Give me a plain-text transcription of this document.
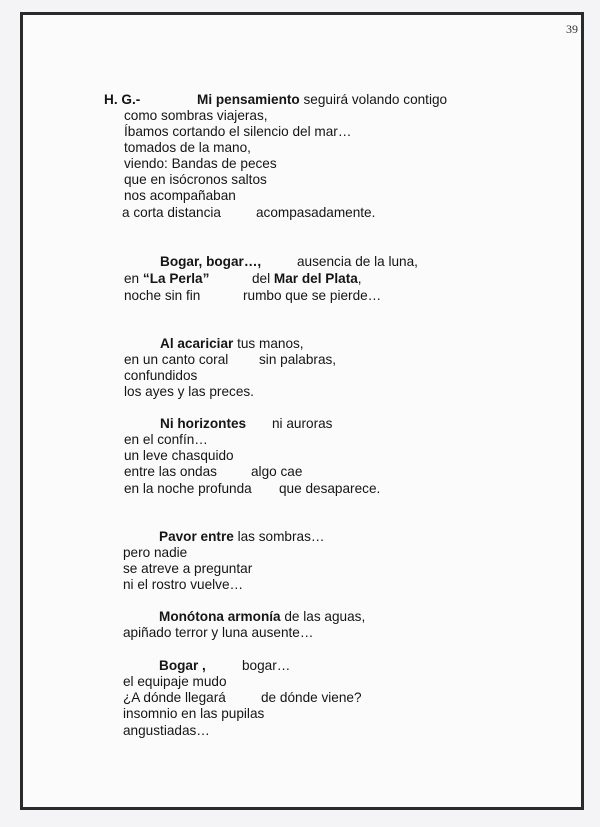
39
H. G.-	Mi pensamiento seguirá volando contigo
como sombras viajeras,
Íbamos cortando el silencio del mar…
tomados de la mano,
viendo: Bandas de peces
que en isócronos saltos
nos acompañaban
a corta distancia	acompasadamente.
Bogar, bogar…,	ausencia de la luna,
en “La Perla”	del Mar del Plata,
noche sin fin	rumbo que se pierde…
Al acariciar tus manos,
en un canto coral sin palabras,
confundidos
los ayes y las preces.
Ni horizontes ni auroras
en el confín…
un leve chasquido
entre las ondas	algo cae
en la noche profunda que desaparece.
Pavor entre las sombras…
pero nadie
se atreve a preguntar
ni el rostro vuelve…
Monótona armonía de las aguas,
apiñado terror y luna ausente…
Bogar ,	bogar…
el equipaje mudo
¿A dónde llegará	de dónde viene?
insomnio en las pupilas
angustiadas…
